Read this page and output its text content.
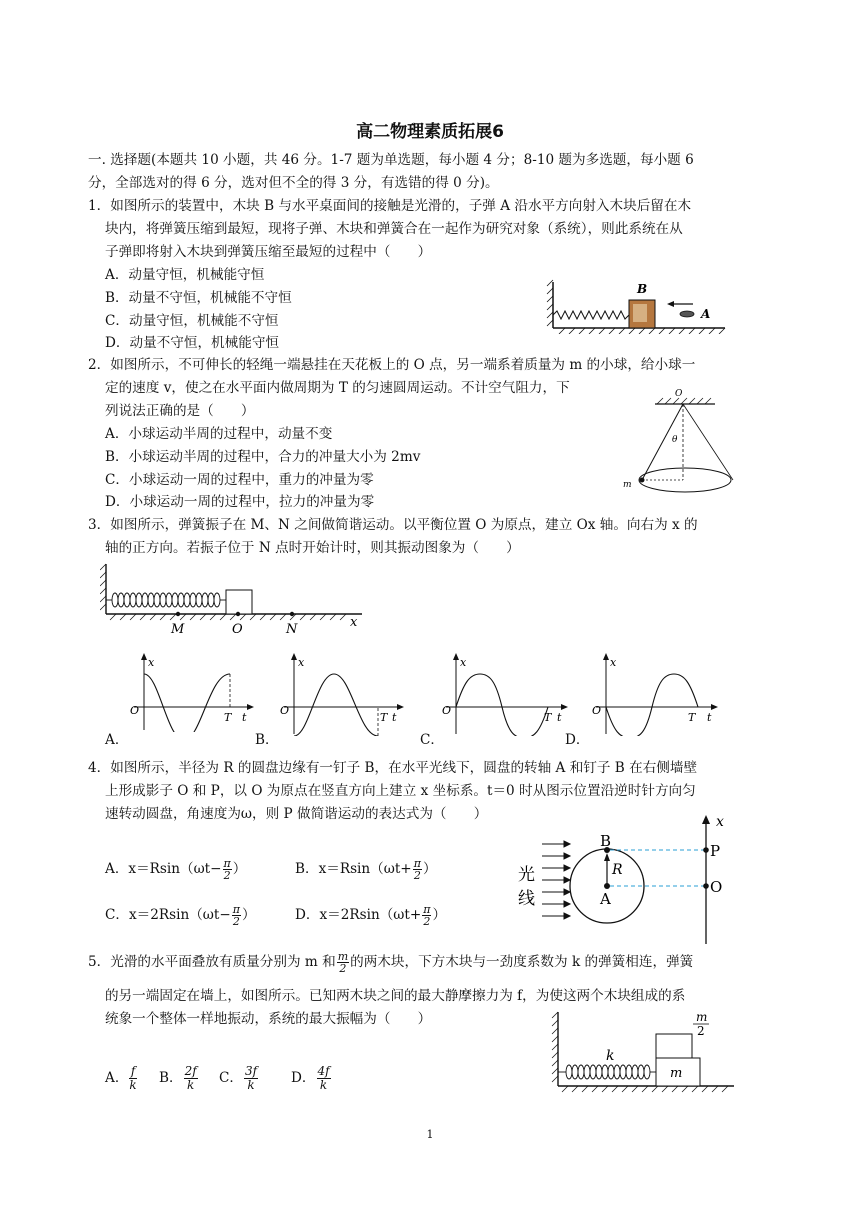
高二物理素质拓展6
一. 选择题(本题共 10 小题，共 46 分。1-7 题为单选题，每小题 4 分；8-10 题为多选题，每小题 6
分，全部选对的得 6 分，选对但不全的得 3 分，有选错的得 0 分)。
1．如图所示的装置中，木块 B 与水平桌面间的接触是光滑的，子弹 A 沿水平方向射入木块后留在木
块内，将弹簧压缩到最短，现将子弹、木块和弹簧合在一起作为研究对象（系统），则此系统在从
子弹即将射入木块到弹簧压缩至最短的过程中（　　）
A．动量守恒，机械能守恒
B．动量不守恒，机械能不守恒
C．动量守恒，机械能不守恒
D．动量不守恒，机械能守恒
B
A
2．如图所示，不可伸长的轻绳一端悬挂在天花板上的 O 点，另一端系着质量为 m 的小球，给小球一
定的速度 v，使之在水平面内做周期为 T 的匀速圆周运动。不计空气阻力，下
列说法正确的是（　　）
A．小球运动半周的过程中，动量不变
B．小球运动半周的过程中，合力的冲量大小为 2mv
C．小球运动一周的过程中，重力的冲量为零
D．小球运动一周的过程中，拉力的冲量为零
O
θ
m
3．如图所示，弹簧振子在 M、N 之间做简谐运动。以平衡位置 O 为原点，建立 Ox 轴。向右为 x 的
轴的正方向。若振子位于 N 点时开始计时，则其振动图象为（　　）
M	O	N	x
x
O
T t
x
O
T t
x
O
T t
x
O
T t
A．	B．	C．	D．
4．如图所示，半径为 R 的圆盘边缘有一钉子 B，在水平光线下，圆盘的转轴 A 和钉子 B 在右侧墙壁
上形成影子 O 和 P，以 O 为原点在竖直方向上建立 x 坐标系。t＝0 时从图示位置沿逆时针方向匀
速转动圆盘，角速度为ω，则 P 做简谐运动的表达式为（　　）
A．$x=Rsin(\omega t- \frac{\pi}{2}$ ）	B．$x=Rsin(\omega t+ \frac{\pi}{2}$ ）
C．$x=2Rsin(\omega t- \frac{\pi}{2}$ ）	D．$x=2Rsin(\omega t+ \frac{\pi}{2}$ ）
光
线
B
A
R
x
P
O
5．光滑的水平面叠放有质量分别为 m 和 $\frac{m}{2}$ 的两木块，下方木块与一劲度系数为 k 的弹簧相连，弹簧
的另一端固定在墙上，如图所示。已知两木块之间的最大静摩擦力为 f，为使这两个木块组成的系
统象一个整体一样地振动，系统的最大振幅为（　　）
A． $\frac{f}{k}$ B． $\frac{2f}{k}$ C． $\frac{3f}{k}$ D． $\frac{4f}{k}$
k
m
m
2
1
